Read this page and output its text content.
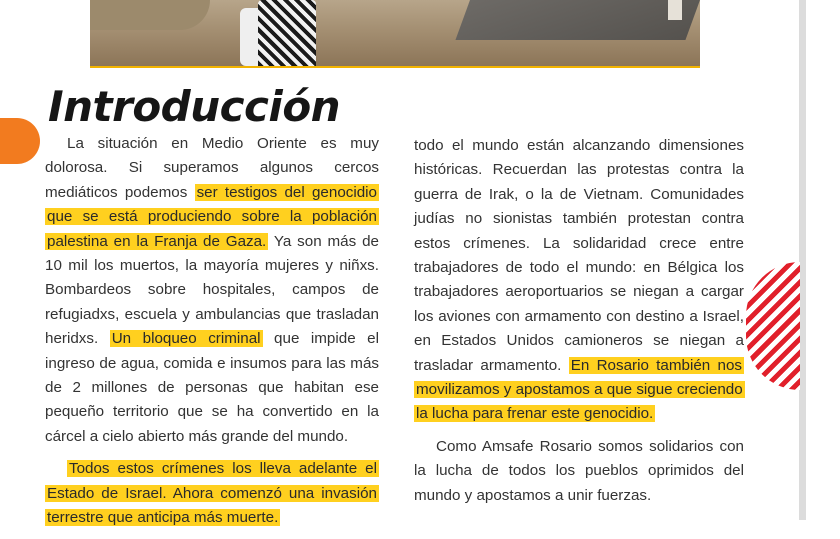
Introducción

La situación en Medio Oriente es muy dolorosa. Si superamos algunos cercos mediáticos podemos ser testigos del genocidio que se está produciendo sobre la población palestina en la Franja de Gaza. Ya son más de 10 mil los muertos, la mayoría mujeres y niñxs. Bombardeos sobre hospitales, campos de refugiadxs, escuela y ambulancias que trasladan heridxs. Un bloqueo criminal que impide el ingreso de agua, comida e insumos para las más de 2 millones de personas que habitan ese pequeño territorio que se ha convertido en la cárcel a cielo abierto más grande del mundo.

Todos estos crímenes los lleva adelante el Estado de Israel. Ahora comenzó una invasión terrestre que anticipa más muerte.

todo el mundo están alcanzando dimensiones históricas. Recuerdan las protestas contra la guerra de Irak, o la de Vietnam. Comunidades judías no sionistas también protestan contra estos crímenes. La solidaridad crece entre trabajadores de todo el mundo: en Bélgica los trabajadores aeroportuarios se niegan a cargar los aviones con armamento con destino a Israel, en Estados Unidos camioneros se niegan a trasladar armamento. En Rosario también nos movilizamos y apostamos a que sigue creciendo la lucha para frenar este genocidio.

Como Amsafe Rosario somos solidarios con la lucha de todos los pueblos oprimidos del mundo y apostamos a unir fuerzas.
